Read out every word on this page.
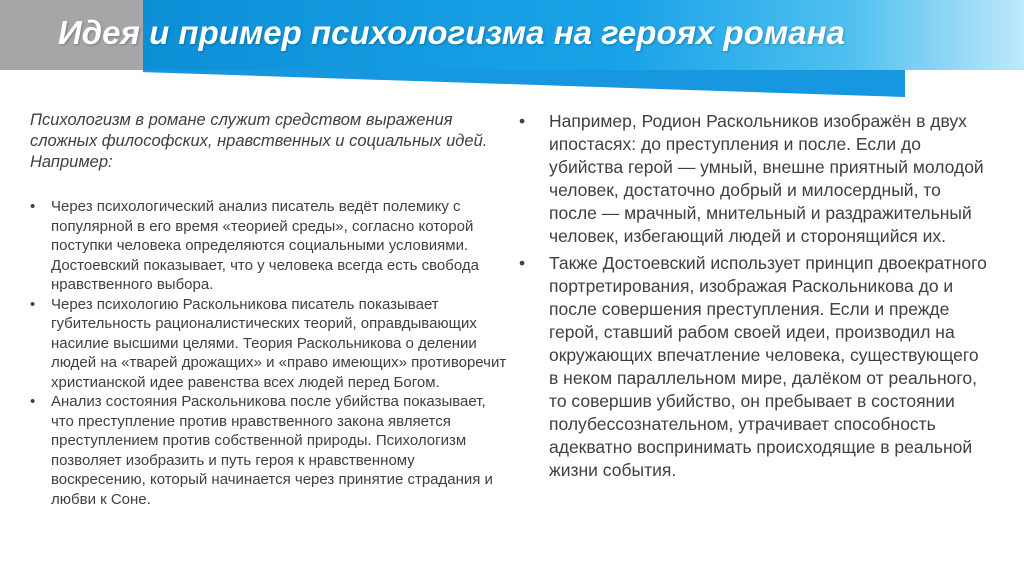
Идея и пример психологизма на героях романа

Психологизм в романе служит средством выражения сложных философских, нравственных и социальных идей. Например:

• Через психологический анализ писатель ведёт полемику с популярной в его время «теорией среды», согласно которой поступки человека определяются социальными условиями. Достоевский показывает, что у человека всегда есть свобода нравственного выбора.
• Через психологию Раскольникова писатель показывает губительность рационалистических теорий, оправдывающих насилие высшими целями. Теория Раскольникова о делении людей на «тварей дрожащих» и «право имеющих» противоречит христианской идее равенства всех людей перед Богом.
• Анализ состояния Раскольникова после убийства показывает, что преступление против нравственного закона является преступлением против собственной природы. Психологизм позволяет изобразить и путь героя к нравственному воскресению, который начинается через принятие страдания и любви к Соне.
• Например, Родион Раскольников изображён в двух ипостасях: до преступления и после. Если до убийства герой — умный, внешне приятный молодой человек, достаточно добрый и милосердный, то после — мрачный, мнительный и раздражительный человек, избегающий людей и сторонящийся их.
• Также Достоевский использует принцип двоекратного портретирования, изображая Раскольникова до и после совершения преступления. Если и прежде герой, ставший рабом своей идеи, производил на окружающих впечатление человека, существующего в неком параллельном мире, далёком от реального, то совершив убийство, он пребывает в состоянии полубессознательном, утрачивает способность адекватно воспринимать происходящие в реальной жизни события.
